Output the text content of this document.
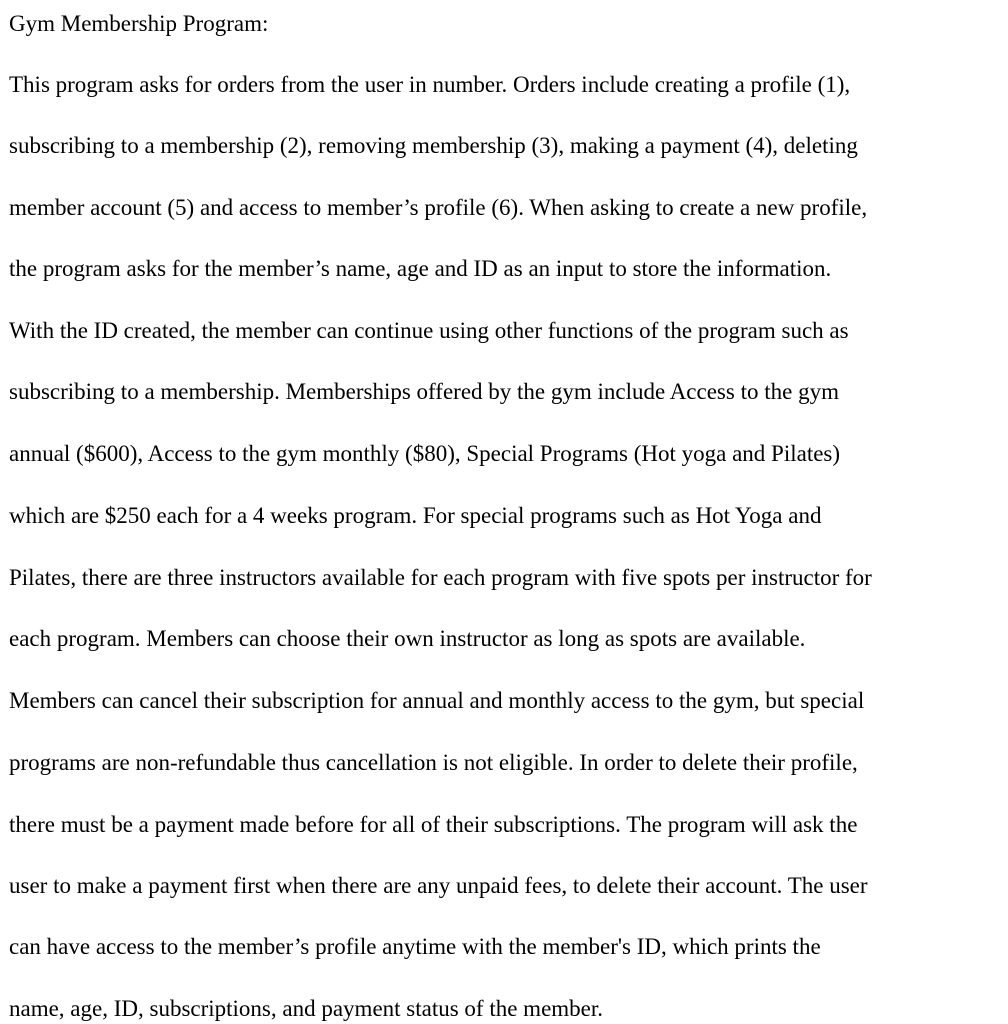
Gym Membership Program:
This program asks for orders from the user in number. Orders include creating a profile (1),
subscribing to a membership (2), removing membership (3), making a payment (4), deleting
member account (5) and access to member’s profile (6). When asking to create a new profile,
the program asks for the member’s name, age and ID as an input to store the information.
With the ID created, the member can continue using other functions of the program such as
subscribing to a membership. Memberships offered by the gym include Access to the gym
annual ($600), Access to the gym monthly ($80), Special Programs (Hot yoga and Pilates)
which are $250 each for a 4 weeks program. For special programs such as Hot Yoga and
Pilates, there are three instructors available for each program with five spots per instructor for
each program. Members can choose their own instructor as long as spots are available.
Members can cancel their subscription for annual and monthly access to the gym, but special
programs are non-refundable thus cancellation is not eligible. In order to delete their profile,
there must be a payment made before for all of their subscriptions. The program will ask the
user to make a payment first when there are any unpaid fees, to delete their account. The user
can have access to the member’s profile anytime with the member's ID, which prints the
name, age, ID, subscriptions, and payment status of the member.
